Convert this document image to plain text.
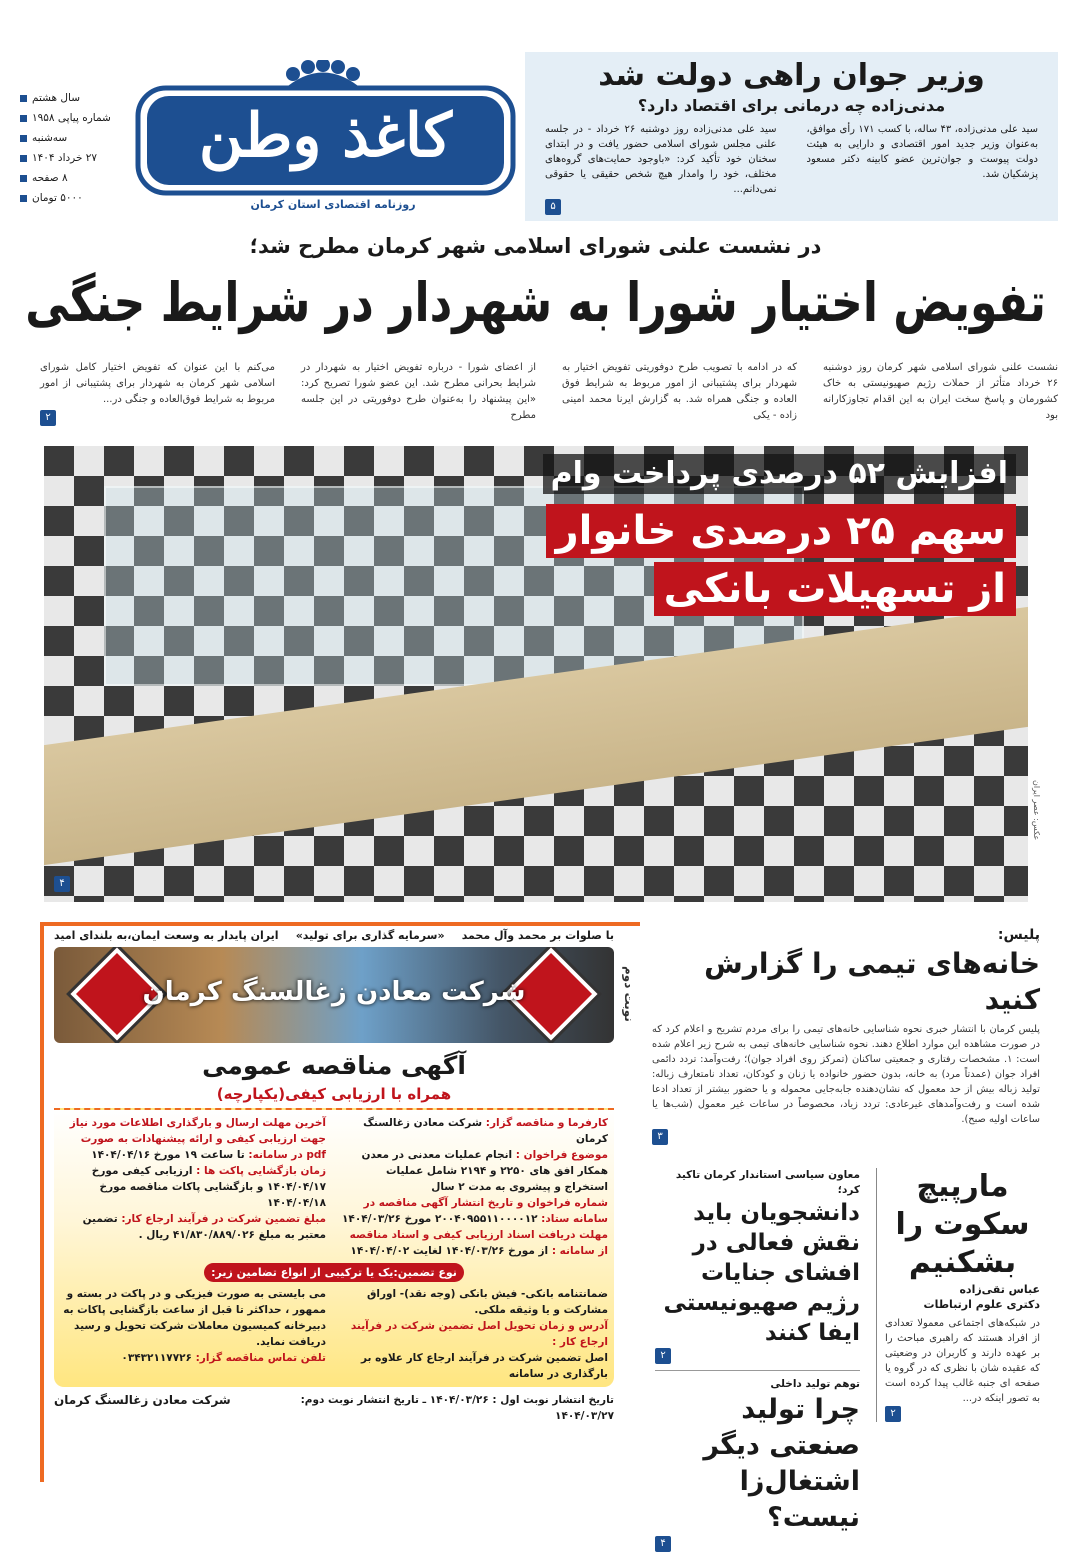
سال هشتم
شماره پیاپی ۱۹۵۸
سه‌شنبه
۲۷ خرداد ۱۴۰۴
۸ صفحه
۵۰۰۰ تومان
کاغذ وطن
روزنامه اقتصادی استان کرمان
وزیر جوان راهی دولت شد
مدنی‌زاده چه درمانی برای اقتصاد دارد؟

سید علی مدنی‌زاده، ۴۳ ساله، با کسب ۱۷۱ رأی موافق، به‌عنوان وزیر جدید امور اقتصادی و دارایی به هیئت دولت پیوست و جوان‌ترین عضو کابینه دکتر مسعود پزشکیان شد.

سید علی مدنی‌زاده روز دوشنبه ۲۶ خرداد - در جلسه علنی مجلس شورای اسلامی حضور یافت و در ابتدای سخنان خود تأکید کرد: «باوجود حمایت‌های گروه‌های مختلف، خود را وامدار هیچ شخص حقیقی یا حقوقی نمی‌دانم...

۵
در نشست علنی شورای اسلامی شهر کرمان مطرح شد؛
تفویض اختیار شورا به شهردار در شرایط جنگی

نشست علنی شورای اسلامی شهر کرمان روز دوشنبه ۲۶ خرداد متأثر از حملات رژیم صهیونیستی به خاک کشورمان و پاسخ سخت ایران به این اقدام تجاوزکارانه بود

که در ادامه با تصویب طرح دوفوریتی تفویض اختیار به شهردار برای پشتیبانی از امور مربوط به شرایط فوق العاده و جنگی همراه شد. به گزارش ایرنا محمد امینی زاده - یکی

از اعضای شورا - درباره تفویض اختیار به شهردار در شرایط بحرانی مطرح شد. این عضو شورا تصریح کرد: «این پیشنهاد را به‌عنوان طرح دوفوریتی در این جلسه مطرح

می‌کنم با این عنوان که تفویض اختیار کامل شورای اسلامی شهر کرمان به شهردار برای پشتیبانی از امور مربوط به شرایط فوق‌العاده و جنگی در...

۲
افزایش ۵۲ درصدی پرداخت وام
سهم ۲۵ درصدی خانوار
از تسهیلات بانکی
۴
عکس: عصر ایران
با صلوات بر محمد وآل محمد
«سرمایه گذاری برای تولید»
ایران پایدار به وسعت ایمان،به بلندای امید
شرکت معادن زغالسنگ کرمان	نوبت دوم
آگهی مناقصه عمومی
همراه با ارزیابی کیفی(یکپارچه)
کارفرما و مناقصه گزار: شرکت معادن زغالسنگ کرمان
موضوع فراخوان : انجام عملیات معدنی در معدن همکار افق های ۲۲۵۰ و ۲۱۹۴ شامل عملیات استخراج و پیشروی به مدت ۲ سال
شماره فراخوان و تاریخ انتشار آگهی مناقصه در سامانه ستاد: ۲۰۰۴۰۹۵۵۱۱۰۰۰۰۱۲ مورخ ۱۴۰۴/۰۳/۲۶
مهلت دریافت اسناد ارزیابی کیفی و اسناد مناقصه از سامانه : از مورخ ۱۴۰۴/۰۳/۲۶ لغایت ۱۴۰۴/۰۴/۰۲
آخرین مهلت ارسال و بارگذاری اطلاعات مورد نیاز جهت ارزیابی کیفی و ارائه پیشنهادات به صورت pdf در سامانه: تا ساعت ۱۹ مورخ ۱۴۰۴/۰۴/۱۶
زمان بازگشایی پاکت ها : ارزیابی کیفی مورخ ۱۴۰۴/۰۴/۱۷ و بازگشایی پاکات مناقصه مورخ ۱۴۰۴/۰۴/۱۸
مبلغ تضمین شرکت در فرآیند ارجاع کار: تضمین معتبر به مبلغ ۴۱/۸۳۰/۸۸۹/۰۲۶ ریال .
نوع تضمین:یک یا ترکیبی از انواع تضامین زیر:
ضمانتنامه بانکی- فیش بانکی (وجه نقد)- اوراق مشارکت و یا وثیقه ملکی.
آدرس و زمان تحویل اصل تضمین شرکت در فرآیند ارجاع کار :
اصل تضمین شرکت در فرآیند ارجاع کار علاوه بر بارگذاری در سامانه
می بایستی به صورت فیزیکی و در پاکت در بسته و ممهور ، حداکثر تا قبل از ساعت بازگشایی پاکات به دبیرخانه کمیسیون معاملات شرکت تحویل و رسید دریافت نماید.
تلفن تماس مناقصه گزار: ۰۳۴۳۲۱۱۷۷۲۶
تاریخ انتشار نوبت اول : ۱۴۰۴/۰۳/۲۶ ـ تاریخ انتشار نوبت دوم: ۱۴۰۴/۰۳/۲۷
شرکت معادن زغالسنگ کرمان
پلیس:
خانه‌های تیمی را گزارش کنید

پلیس کرمان با انتشار خبری نحوه شناسایی خانه‌های تیمی را برای مردم تشریح و اعلام کرد که در صورت مشاهده این موارد اطلاع دهند. نحوه شناسایی خانه‌های تیمی به شرح زیر اعلام شده است: ۱. مشخصات رفتاری و جمعیتی ساکنان (تمرکز روی افراد جوان)؛ رفت‌وآمد: تردد دائمی افراد جوان (عمدتاً مرد) به خانه، بدون حضور خانواده یا زنان و کودکان، تعداد نامتعارف زباله: تولید زباله بیش از حد معمول که نشان‌دهنده جابه‌جایی محموله و یا حضور بیشتر از تعداد ادعا شده است و رفت‌وآمدهای غیرعادی: تردد زیاد، مخصوصاً در ساعات غیر معمول (شب‌ها یا ساعات اولیه صبح).

۳
معاون سیاسی استاندار کرمان تاکید کرد؛
دانشجویان باید نقش فعالی در افشای جنایات رژیم صهیونیستی ایفا کنند
۲
توهم تولید داخلی
چرا تولید صنعتی دیگر اشتغال‌زا نیست؟
۴
مارپیچ سکوت را بشکنیم
عباس تقی‌زاده
دکتری علوم ارتباطات

در شبکه‌های اجتماعی معمولا تعدادی از افراد هستند که راهبری مباحث را بر عهده دارند و کاربران در وضعیتی که عقیده شان با نظری که در گروه یا صفحه ای جنبه غالب پیدا کرده است به تصور اینکه در...

۲
